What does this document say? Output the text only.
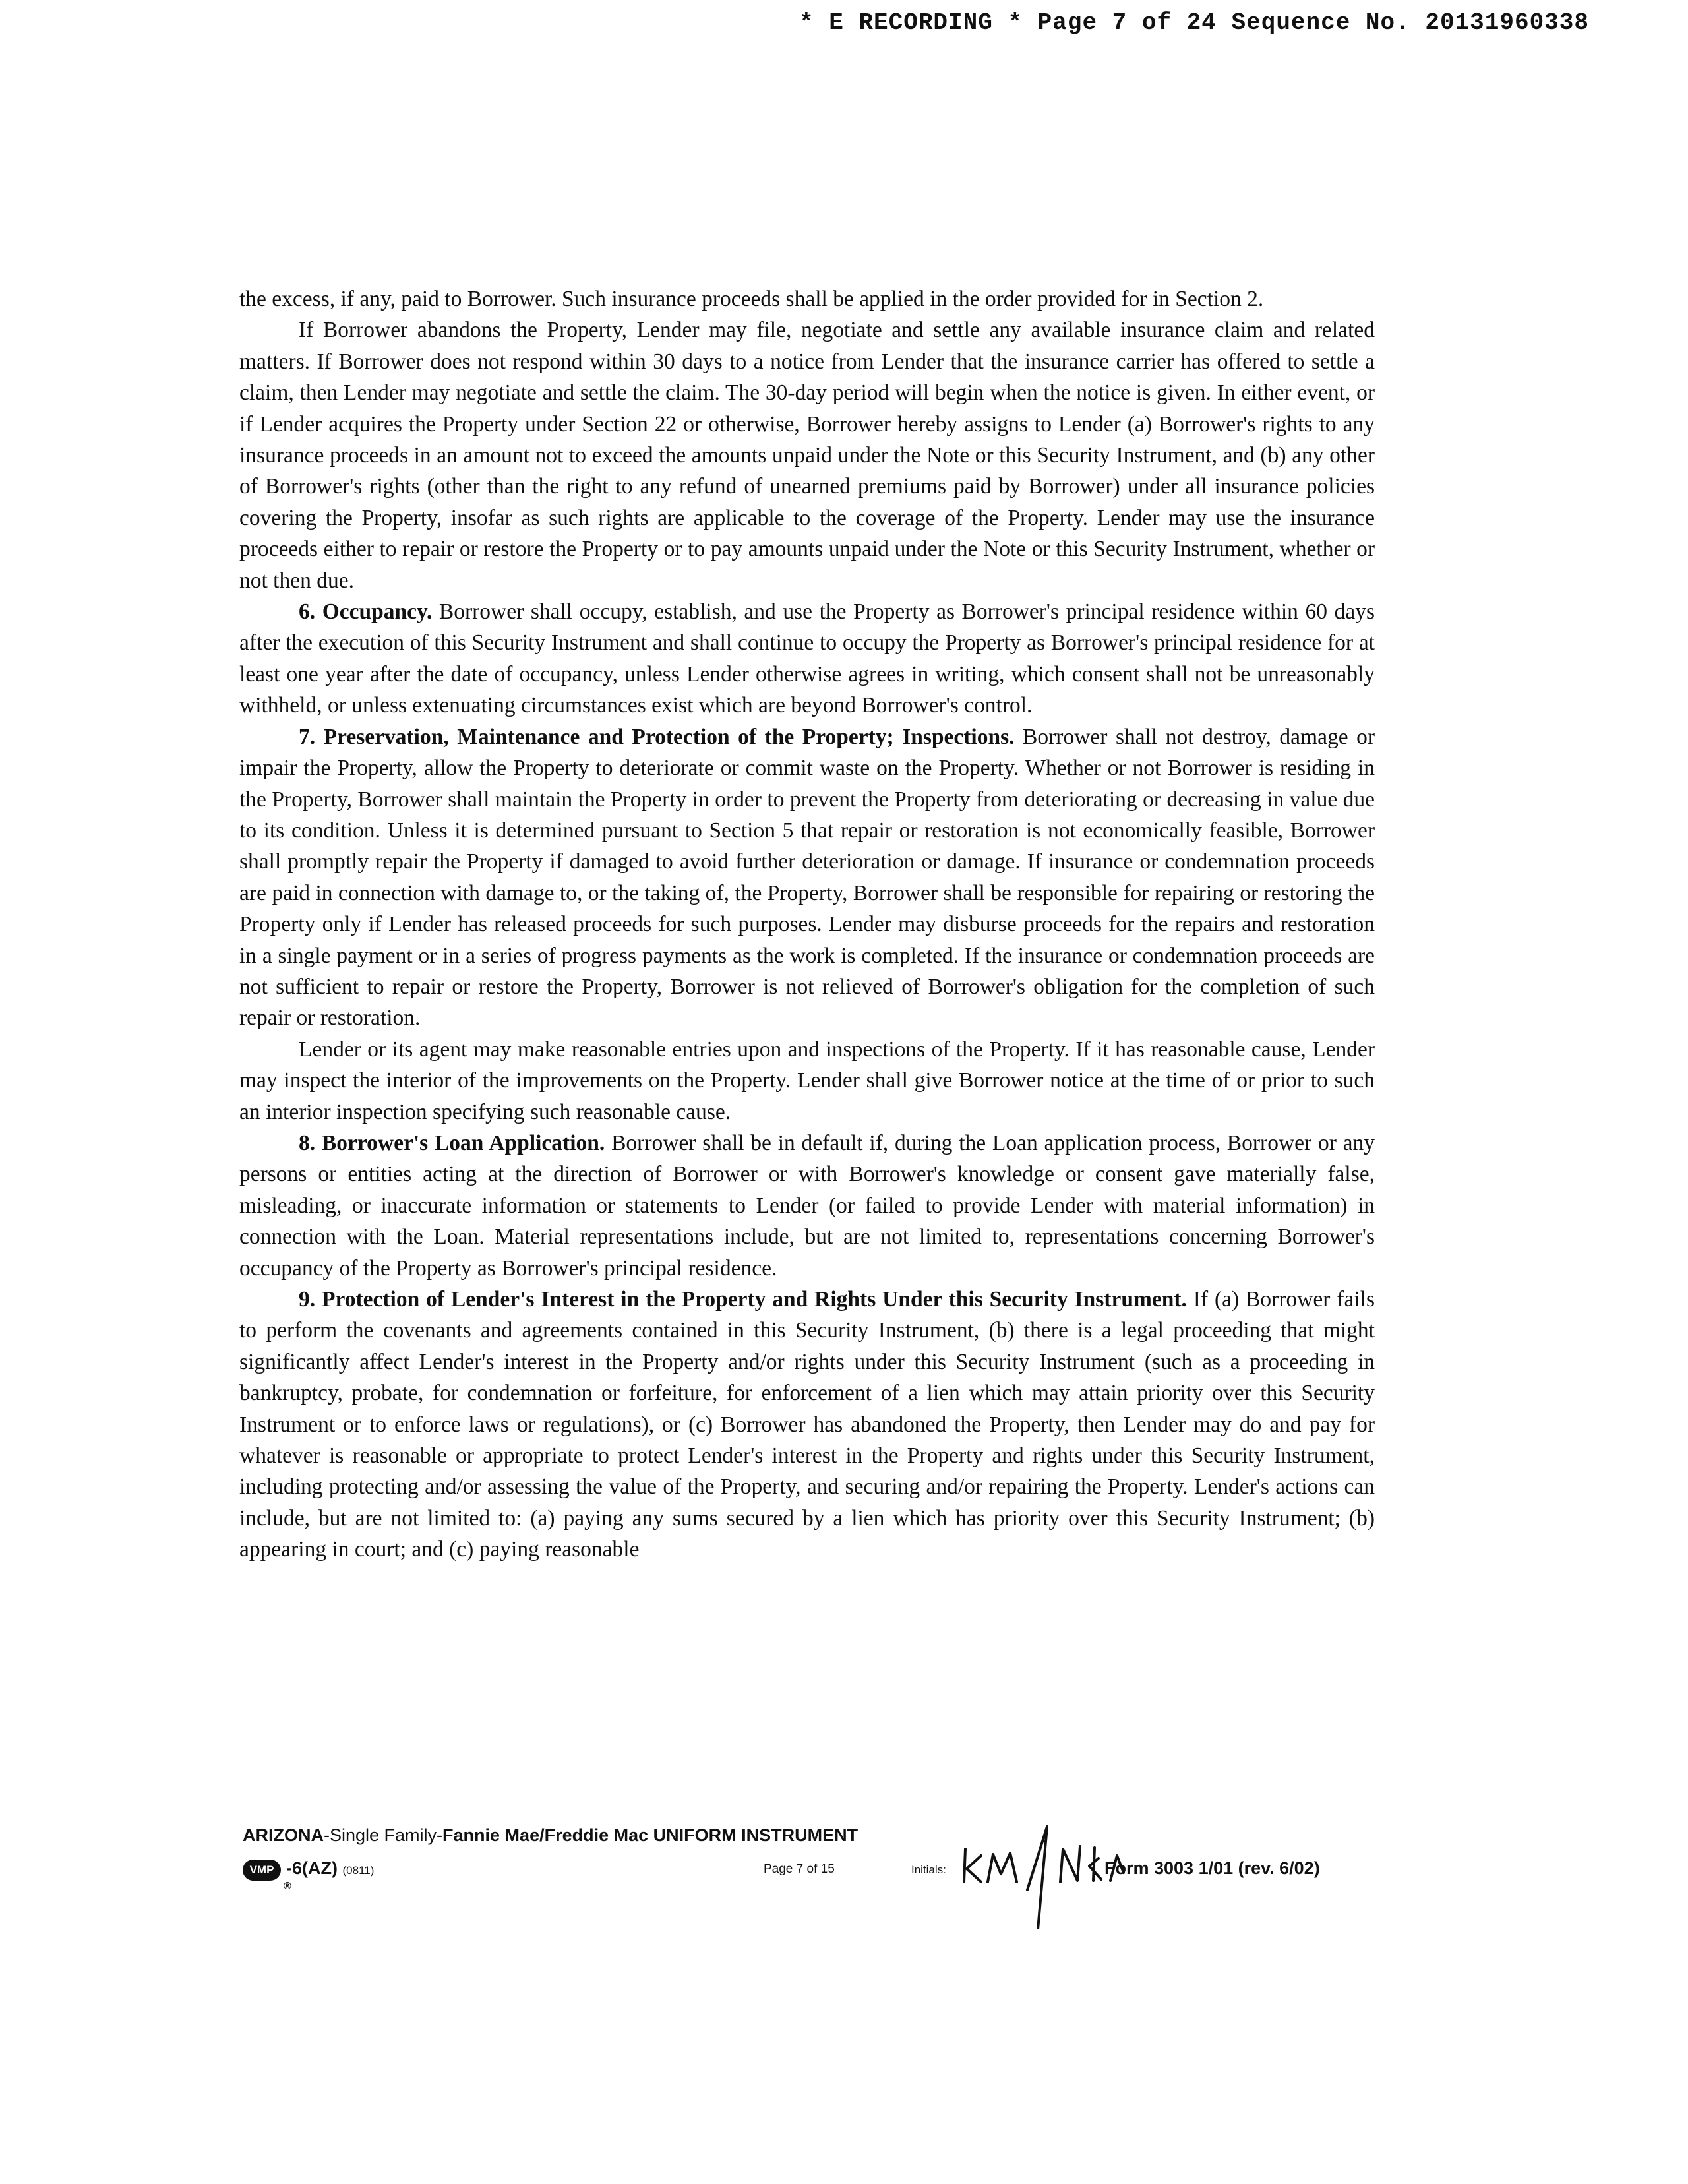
* E RECORDING * Page 7 of 24 Sequence No. 20131960338

the excess, if any, paid to Borrower. Such insurance proceeds shall be applied in the order provided for in Section 2.

If Borrower abandons the Property, Lender may file, negotiate and settle any available insurance claim and related matters. If Borrower does not respond within 30 days to a notice from Lender that the insurance carrier has offered to settle a claim, then Lender may negotiate and settle the claim. The 30-day period will begin when the notice is given. In either event, or if Lender acquires the Property under Section 22 or otherwise, Borrower hereby assigns to Lender (a) Borrower's rights to any insurance proceeds in an amount not to exceed the amounts unpaid under the Note or this Security Instrument, and (b) any other of Borrower's rights (other than the right to any refund of unearned premiums paid by Borrower) under all insurance policies covering the Property, insofar as such rights are applicable to the coverage of the Property. Lender may use the insurance proceeds either to repair or restore the Property or to pay amounts unpaid under the Note or this Security Instrument, whether or not then due.

6. Occupancy. Borrower shall occupy, establish, and use the Property as Borrower's principal residence within 60 days after the execution of this Security Instrument and shall continue to occupy the Property as Borrower's principal residence for at least one year after the date of occupancy, unless Lender otherwise agrees in writing, which consent shall not be unreasonably withheld, or unless extenuating circumstances exist which are beyond Borrower's control.

7. Preservation, Maintenance and Protection of the Property; Inspections. Borrower shall not destroy, damage or impair the Property, allow the Property to deteriorate or commit waste on the Property. Whether or not Borrower is residing in the Property, Borrower shall maintain the Property in order to prevent the Property from deteriorating or decreasing in value due to its condition. Unless it is determined pursuant to Section 5 that repair or restoration is not economically feasible, Borrower shall promptly repair the Property if damaged to avoid further deterioration or damage. If insurance or condemnation proceeds are paid in connection with damage to, or the taking of, the Property, Borrower shall be responsible for repairing or restoring the Property only if Lender has released proceeds for such purposes. Lender may disburse proceeds for the repairs and restoration in a single payment or in a series of progress payments as the work is completed. If the insurance or condemnation proceeds are not sufficient to repair or restore the Property, Borrower is not relieved of Borrower's obligation for the completion of such repair or restoration.

Lender or its agent may make reasonable entries upon and inspections of the Property. If it has reasonable cause, Lender may inspect the interior of the improvements on the Property. Lender shall give Borrower notice at the time of or prior to such an interior inspection specifying such reasonable cause.

8. Borrower's Loan Application. Borrower shall be in default if, during the Loan application process, Borrower or any persons or entities acting at the direction of Borrower or with Borrower's knowledge or consent gave materially false, misleading, or inaccurate information or statements to Lender (or failed to provide Lender with material information) in connection with the Loan. Material representations include, but are not limited to, representations concerning Borrower's occupancy of the Property as Borrower's principal residence.

9. Protection of Lender's Interest in the Property and Rights Under this Security Instrument. If (a) Borrower fails to perform the covenants and agreements contained in this Security Instrument, (b) there is a legal proceeding that might significantly affect Lender's interest in the Property and/or rights under this Security Instrument (such as a proceeding in bankruptcy, probate, for condemnation or forfeiture, for enforcement of a lien which may attain priority over this Security Instrument or to enforce laws or regulations), or (c) Borrower has abandoned the Property, then Lender may do and pay for whatever is reasonable or appropriate to protect Lender's interest in the Property and rights under this Security Instrument, including protecting and/or assessing the value of the Property, and securing and/or repairing the Property. Lender's actions can include, but are not limited to: (a) paying any sums secured by a lien which has priority over this Security Instrument; (b) appearing in court; and (c) paying reasonable

ARIZONA-Single Family-Fannie Mae/Freddie Mac UNIFORM INSTRUMENT
VMP
®
-6(AZ) (0811)	Page 7 of 15	Initials:	Form 3003 1/01 (rev. 6/02)
